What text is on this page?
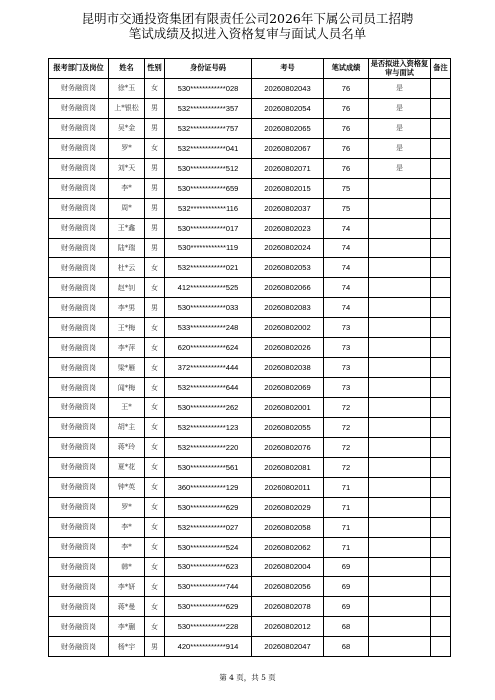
昆明市交通投资集团有限责任公司2026年下属公司员工招聘
笔试成绩及拟进入资格复审与面试人员名单
报考部门及岗位	姓名	性别	身份证号码	考号	笔试成绩	是否拟进入资格复审与面试	备注
财务融资岗	徐*玉	女	530************028	20260802043	76	是	
财务融资岗	上*银松	男	532************357	20260802054	76	是	
财务融资岗	吴*金	男	532************757	20260802065	76	是	
财务融资岗	罗*	女	532************041	20260802067	76	是	
财务融资岗	刘*天	男	530************512	20260802071	76	是	
财务融资岗	李*	男	530************659	20260802015	75		
财务融资岗	周*	男	532************116	20260802037	75		
财务融资岗	王*鑫	男	530************017	20260802023	74		
财务融资岗	陆*瑞	男	530************119	20260802024	74		
财务融资岗	杜*云	女	532************021	20260802053	74		
财务融资岗	赵*钊	女	412************525	20260802066	74		
财务融资岗	李*男	男	530************033	20260802083	74		
财务融资岗	王*梅	女	533************248	20260802002	73		
财务融资岗	李*萍	女	620************624	20260802026	73		
财务融资岗	梁*雁	女	372************444	20260802038	73		
财务融资岗	闻*梅	女	532************644	20260802069	73		
财务融资岗	王*	女	530************262	20260802001	72		
财务融资岗	胡*主	女	532************123	20260802055	72		
财务融资岗	蒋*玲	女	532************220	20260802076	72		
财务融资岗	夏*花	女	530************561	20260802081	72		
财务融资岗	钟*英	女	360************129	20260802011	71		
财务融资岗	罗*	女	530************629	20260802029	71		
财务融资岗	李*	女	532************027	20260802058	71		
财务融资岗	李*	女	530************524	20260802062	71		
财务融资岗	韩*	女	530************623	20260802004	69		
财务融资岗	李*妍	女	530************744	20260802056	69		
财务融资岗	蒋*曼	女	530************629	20260802078	69		
财务融资岗	李*蒯	女	530************228	20260802012	68		
财务融资岗	杨*宇	男	420************914	20260802047	68		
第 4 页，共 5 页
